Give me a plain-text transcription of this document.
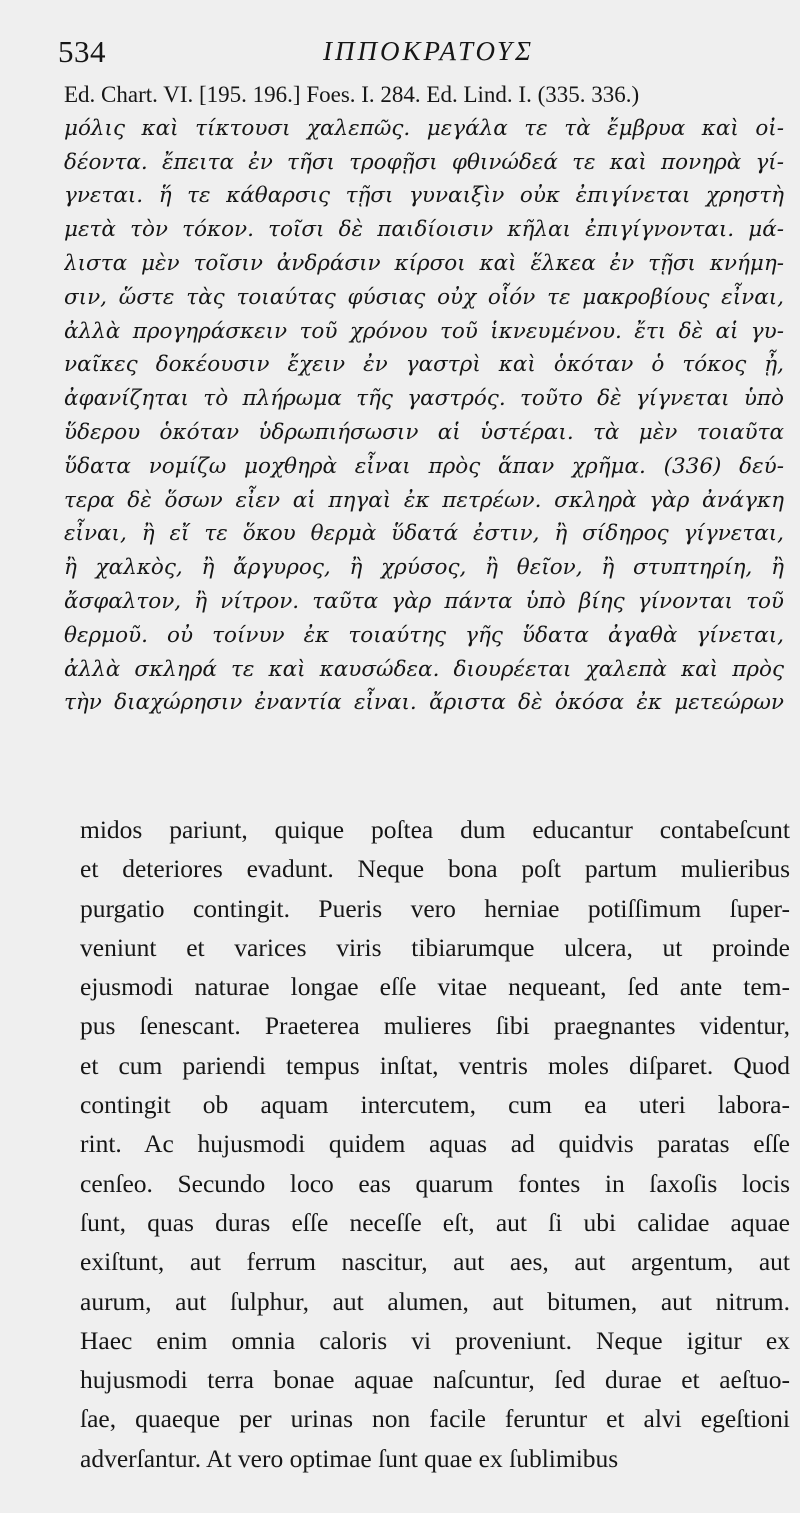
534	ΙΠΠΟΚΡΑΤΟΥΣ
Ed. Chart. VI. [195. 196.] Foes. I. 284. Ed. Lind. I. (335. 336.)
μόλις καὶ τίκτουσι χαλεπῶς. μεγάλα τε τὰ ἔμβρυα καὶ οἰ-
δέοντα. ἔπειτα ἐν τῆσι τροφῇσι φθινώδεά τε καὶ πονηρὰ γί-
γνεται. ἥ τε κάθαρσις τῇσι γυναιξὶν οὐκ ἐπιγίνεται χρηστὴ
μετὰ τὸν τόκον. τοῖσι δὲ παιδίοισιν κῆλαι ἐπιγίγνονται. μά-
λιστα μὲν τοῖσιν ἀνδράσιν κίρσοι καὶ ἕλκεα ἐν τῇσι κνήμη-
σιν, ὥστε τὰς τοιαύτας φύσιας οὐχ οἷόν τε μακροβίους εἶναι,
ἀλλὰ προγηράσκειν τοῦ χρόνου τοῦ ἱκνευμένου. ἔτι δὲ αἱ γυ-
ναῖκες δοκέουσιν ἔχειν ἐν γαστρὶ καὶ ὁκόταν ὁ τόκος ᾖ,
ἀφανίζηται τὸ πλήρωμα τῆς γαστρός. τοῦτο δὲ γίγνεται ὑπὸ
ὕδερου ὁκόταν ὑδρωπιήσωσιν αἱ ὑστέραι. τὰ μὲν τοιαῦτα
ὕδατα νομίζω μοχθηρὰ εἶναι πρὸς ἅπαν χρῆμα. (336) δεύ-
τερα δὲ ὅσων εἶεν αἱ πηγαὶ ἐκ πετρέων. σκληρὰ γὰρ ἀνάγκη
εἶναι, ἢ εἴ τε ὅκου θερμὰ ὕδατά ἐστιν, ἢ σίδηρος γίγνεται,
ἢ χαλκὸς, ἢ ἄργυρος, ἢ χρύσος, ἢ θεῖον, ἢ στυπτηρίη, ἢ
ἄσφαλτον, ἢ νίτρον. ταῦτα γὰρ πάντα ὑπὸ βίης γίνονται τοῦ
θερμοῦ. οὐ τοίνυν ἐκ τοιαύτης γῆς ὕδατα ἀγαθὰ γίνεται,
ἀλλὰ σκληρά τε καὶ καυσώδεα. διουρέεται χαλεπὰ καὶ πρὸς
τὴν διαχώρησιν ἐναντία εἶναι. ἄριστα δὲ ὁκόσα ἐκ μετεώρων
midos pariunt, quique poſtea dum educantur contabeſcunt
et deteriores evadunt. Neque bona poſt partum mulieribus
purgatio contingit. Pueris vero herniae potiſſimum ſuper-
veniunt et varices viris tibiarumque ulcera, ut proinde
ejusmodi naturae longae eſſe vitae nequeant, ſed ante tem-
pus ſenescant. Praeterea mulieres ſibi praegnantes videntur,
et cum pariendi tempus inſtat, ventris moles diſparet. Quod
contingit ob aquam intercutem, cum ea uteri labora-
rint. Ac hujusmodi quidem aquas ad quidvis paratas eſſe
cenſeo. Secundo loco eas quarum fontes in ſaxoſis locis
ſunt, quas duras eſſe neceſſe eſt, aut ſi ubi calidae aquae
exiſtunt, aut ferrum nascitur, aut aes, aut argentum, aut
aurum, aut ſulphur, aut alumen, aut bitumen, aut nitrum.
Haec enim omnia caloris vi proveniunt. Neque igitur ex
hujusmodi terra bonae aquae naſcuntur, ſed durae et aeſtuo-
ſae, quaeque per urinas non facile feruntur et alvi egeſtioni
adverſantur. At vero optimae ſunt quae ex ſublimibus
